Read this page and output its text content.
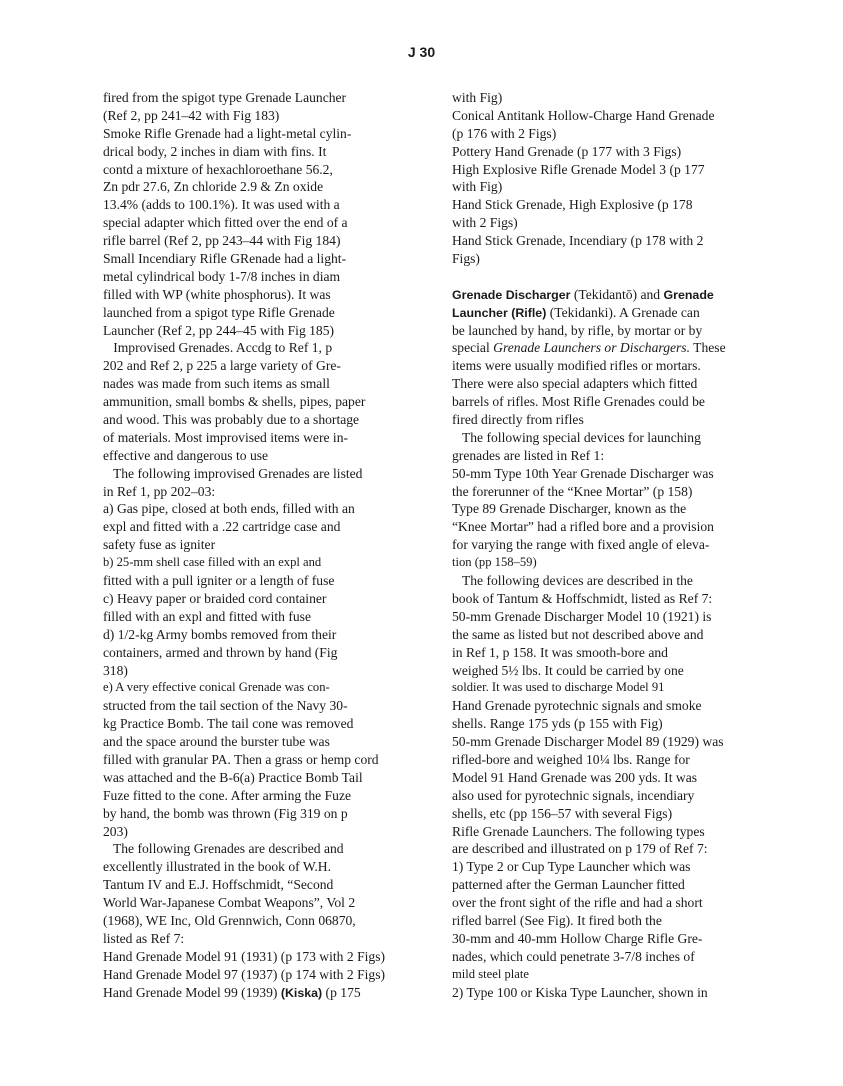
J 30
fired from the spigot type Grenade Launcher
(Ref 2, pp 241–42 with Fig 183)
Smoke Rifle Grenade had a light-metal cylin-
drical body, 2 inches in diam with fins. It
contd a mixture of hexachloroethane 56.2,
Zn pdr 27.6, Zn chloride 2.9 & Zn oxide
13.4% (adds to 100.1%). It was used with a
special adapter which fitted over the end of a
rifle barrel (Ref 2, pp 243–44 with Fig 184)
Small Incendiary Rifle GRenade had a light-
metal cylindrical body 1-7/8 inches in diam
filled with WP (white phosphorus). It was
launched from a spigot type Rifle Grenade
Launcher (Ref 2, pp 244–45 with Fig 185)
Improvised Grenades. Accdg to Ref 1, p
202 and Ref 2, p 225 a large variety of Gre-
nades was made from such items as small
ammunition, small bombs & shells, pipes, paper
and wood. This was probably due to a shortage
of materials. Most improvised items were in-
effective and dangerous to use
The following improvised Grenades are listed
in Ref 1, pp 202–03:
a) Gas pipe, closed at both ends, filled with an
expl and fitted with a .22 cartridge case and
safety fuse as igniter
b) 25-mm shell case filled with an expl and
fitted with a pull igniter or a length of fuse
c) Heavy paper or braided cord container
filled with an expl and fitted with fuse
d) 1/2-kg Army bombs removed from their
containers, armed and thrown by hand (Fig
318)
e) A very effective conical Grenade was con-
structed from the tail section of the Navy 30-
kg Practice Bomb. The tail cone was removed
and the space around the burster tube was
filled with granular PA. Then a grass or hemp cord
was attached and the B-6(a) Practice Bomb Tail
Fuze fitted to the cone. After arming the Fuze
by hand, the bomb was thrown (Fig 319 on p
203)
The following Grenades are described and
excellently illustrated in the book of W.H.
Tantum IV and E.J. Hoffschmidt, “Second
World War-Japanese Combat Weapons”, Vol 2
(1968), WE Inc, Old Grennwich, Conn 06870,
listed as Ref 7:
Hand Grenade Model 91 (1931) (p 173 with 2 Figs)
Hand Grenade Model 97 (1937) (p 174 with 2 Figs)
Hand Grenade Model 99 (1939) (Kiska) (p 175
with Fig)
Conical Antitank Hollow-Charge Hand Grenade
(p 176 with 2 Figs)
Pottery Hand Grenade (p 177 with 3 Figs)
High Explosive Rifle Grenade Model 3 (p 177
with Fig)
Hand Stick Grenade, High Explosive (p 178
with 2 Figs)
Hand Stick Grenade, Incendiary (p 178 with 2
Figs)
Grenade Discharger (Tekidantō) and Grenade
Launcher (Rifle) (Tekidanki). A Grenade can
be launched by hand, by rifle, by mortar or by
special Grenade Launchers or Dischargers. These
items were usually modified rifles or mortars.
There were also special adapters which fitted
barrels of rifles. Most Rifle Grenades could be
fired directly from rifles
The following special devices for launching
grenades are listed in Ref 1:
50-mm Type 10th Year Grenade Discharger was
the forerunner of the “Knee Mortar” (p 158)
Type 89 Grenade Discharger, known as the
“Knee Mortar” had a rifled bore and a provision
for varying the range with fixed angle of eleva-
tion (pp 158–59)
The following devices are described in the
book of Tantum & Hoffschmidt, listed as Ref 7:
50-mm Grenade Discharger Model 10 (1921) is
the same as listed but not described above and
in Ref 1, p 158. It was smooth-bore and
weighed 5½ lbs. It could be carried by one
soldier. It was used to discharge Model 91
Hand Grenade pyrotechnic signals and smoke
shells. Range 175 yds (p 155 with Fig)
50-mm Grenade Discharger Model 89 (1929) was
rifled-bore and weighed 10¼ lbs. Range for
Model 91 Hand Grenade was 200 yds. It was
also used for pyrotechnic signals, incendiary
shells, etc (pp 156–57 with several Figs)
Rifle Grenade Launchers. The following types
are described and illustrated on p 179 of Ref 7:
1) Type 2 or Cup Type Launcher which was
patterned after the German Launcher fitted
over the front sight of the rifle and had a short
rifled barrel (See Fig). It fired both the
30-mm and 40-mm Hollow Charge Rifle Gre-
nades, which could penetrate 3-7/8 inches of
mild steel plate
2) Type 100 or Kiska Type Launcher, shown in
